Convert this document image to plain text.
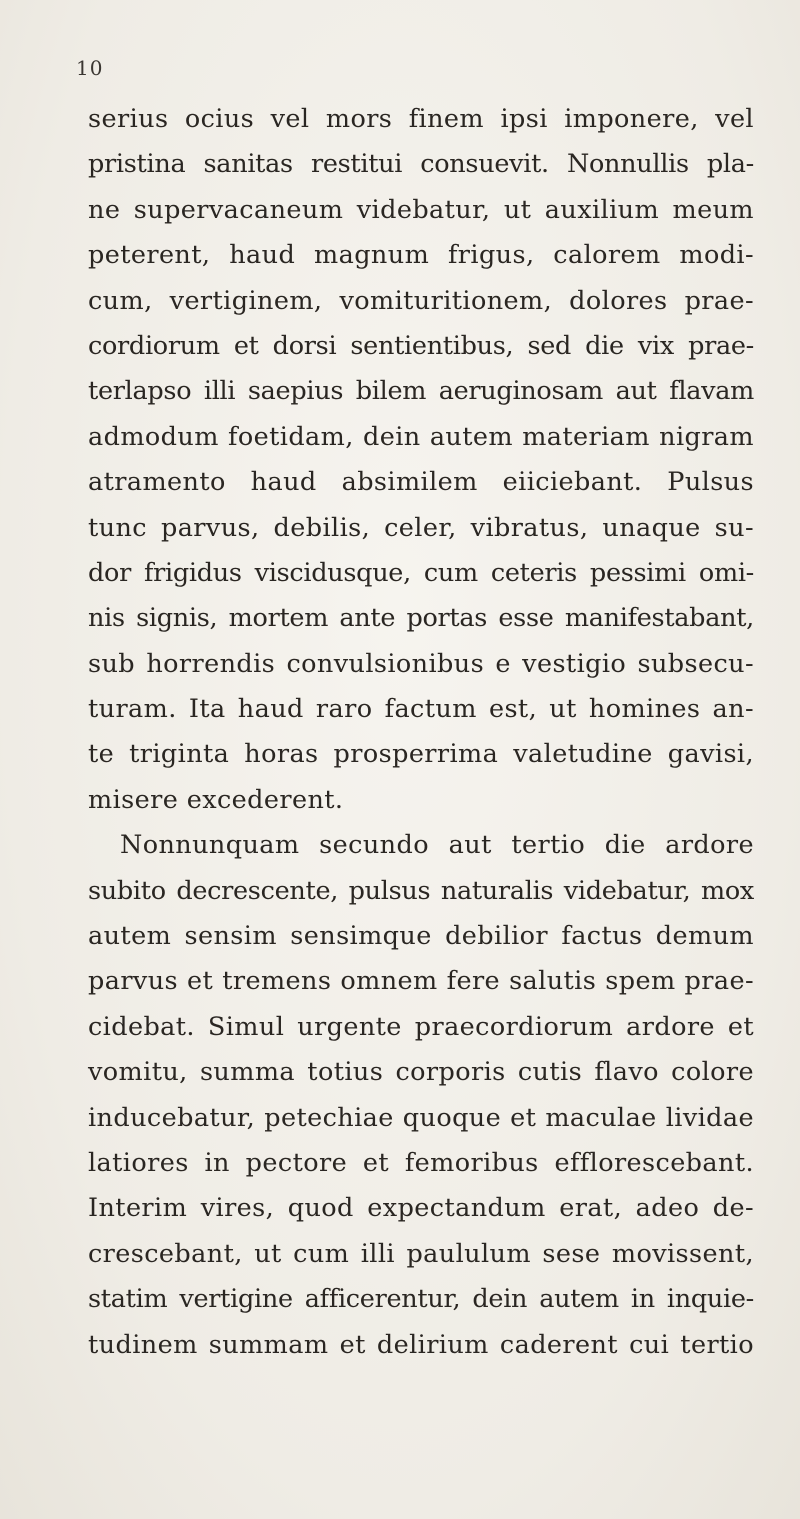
10
serius ocius vel mors finem ipsi imponere, vel
pristina sanitas restitui consuevit. Nonnullis pla-
ne supervacaneum videbatur, ut auxilium meum
peterent, haud magnum frigus, calorem modi-
cum, vertiginem, vomituritionem, dolores prae-
cordiorum et dorsi sentientibus, sed die vix prae-
terlapso illi saepius bilem aeruginosam aut flavam
admodum foetidam, dein autem materiam nigram
atramento haud absimilem eiiciebant. Pulsus
tunc parvus, debilis, celer, vibratus, unaque su-
dor frigidus viscidusque, cum ceteris pessimi omi-
nis signis, mortem ante portas esse manifestabant,
sub horrendis convulsionibus e vestigio subsecu-
turam. Ita haud raro factum est, ut homines an-
te triginta horas prosperrima valetudine gavisi,
misere excederent.
Nonnunquam secundo aut tertio die ardore
subito decrescente, pulsus naturalis videbatur, mox
autem sensim sensimque debilior factus demum
parvus et tremens omnem fere salutis spem prae-
cidebat. Simul urgente praecordiorum ardore et
vomitu, summa totius corporis cutis flavo colore
inducebatur, petechiae quoque et maculae lividae
latiores in pectore et femoribus efflorescebant.
Interim vires, quod expectandum erat, adeo de-
crescebant, ut cum illi paululum sese movissent,
statim vertigine afficerentur, dein autem in inquie-
tudinem summam et delirium caderent cui tertio
